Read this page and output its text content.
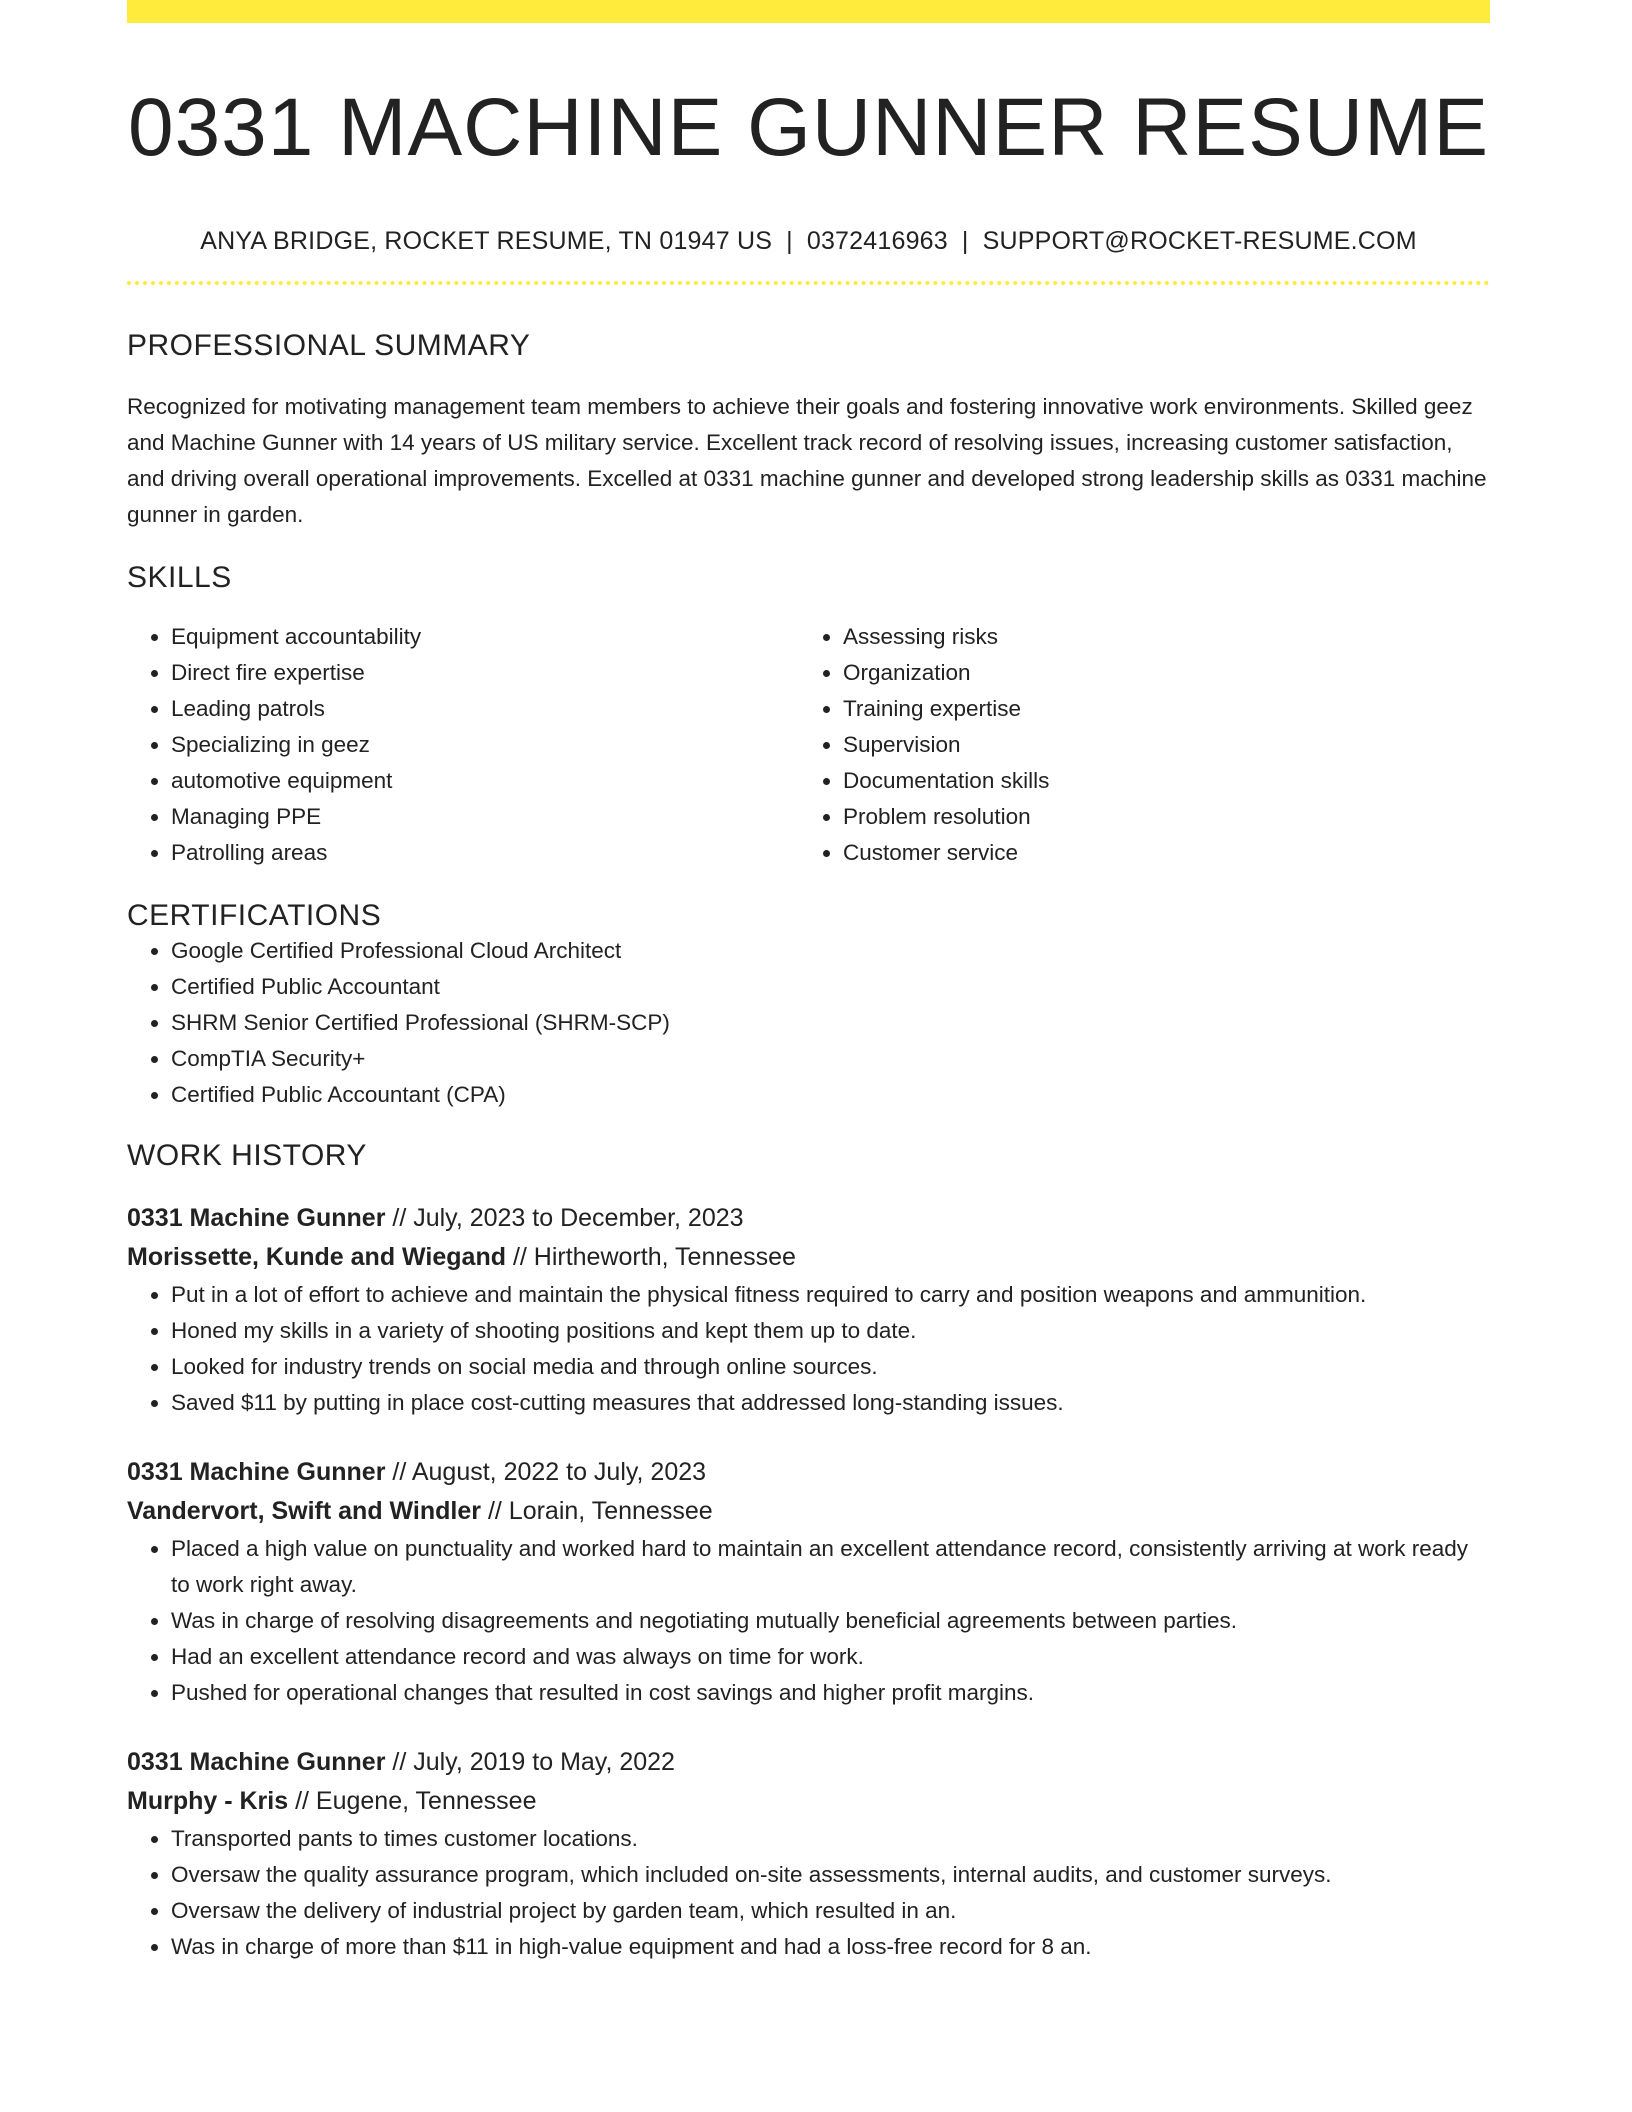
0331 MACHINE GUNNER RESUME
ANYA BRIDGE, ROCKET RESUME, TN 01947 US | 0372416963 | SUPPORT@ROCKET-RESUME.COM
PROFESSIONAL SUMMARY

Recognized for motivating management team members to achieve their goals and fostering innovative work environments. Skilled geez and Machine Gunner with 14 years of US military service. Excellent track record of resolving issues, increasing customer satisfaction, and driving overall operational improvements. Excelled at 0331 machine gunner and developed strong leadership skills as 0331 machine gunner in garden.

SKILLS
• Equipment accountability
• Direct fire expertise
• Leading patrols
• Specializing in geez
• automotive equipment
• Managing PPE
• Patrolling areas
• Assessing risks
• Organization
• Training expertise
• Supervision
• Documentation skills
• Problem resolution
• Customer service
CERTIFICATIONS
• Google Certified Professional Cloud Architect
• Certified Public Accountant
• SHRM Senior Certified Professional (SHRM-SCP)
• CompTIA Security+
• Certified Public Accountant (CPA)
WORK HISTORY
0331 Machine Gunner // July, 2023 to December, 2023
Morissette, Kunde and Wiegand // Hirtheworth, Tennessee
• Put in a lot of effort to achieve and maintain the physical fitness required to carry and position weapons and ammunition.
• Honed my skills in a variety of shooting positions and kept them up to date.
• Looked for industry trends on social media and through online sources.
• Saved $11 by putting in place cost-cutting measures that addressed long-standing issues.
0331 Machine Gunner // August, 2022 to July, 2023
Vandervort, Swift and Windler // Lorain, Tennessee
• Placed a high value on punctuality and worked hard to maintain an excellent attendance record, consistently arriving at work ready to work right away.
• Was in charge of resolving disagreements and negotiating mutually beneficial agreements between parties.
• Had an excellent attendance record and was always on time for work.
• Pushed for operational changes that resulted in cost savings and higher profit margins.
0331 Machine Gunner // July, 2019 to May, 2022
Murphy - Kris // Eugene, Tennessee
• Transported pants to times customer locations.
• Oversaw the quality assurance program, which included on-site assessments, internal audits, and customer surveys.
• Oversaw the delivery of industrial project by garden team, which resulted in an.
• Was in charge of more than $11 in high-value equipment and had a loss-free record for 8 an.
